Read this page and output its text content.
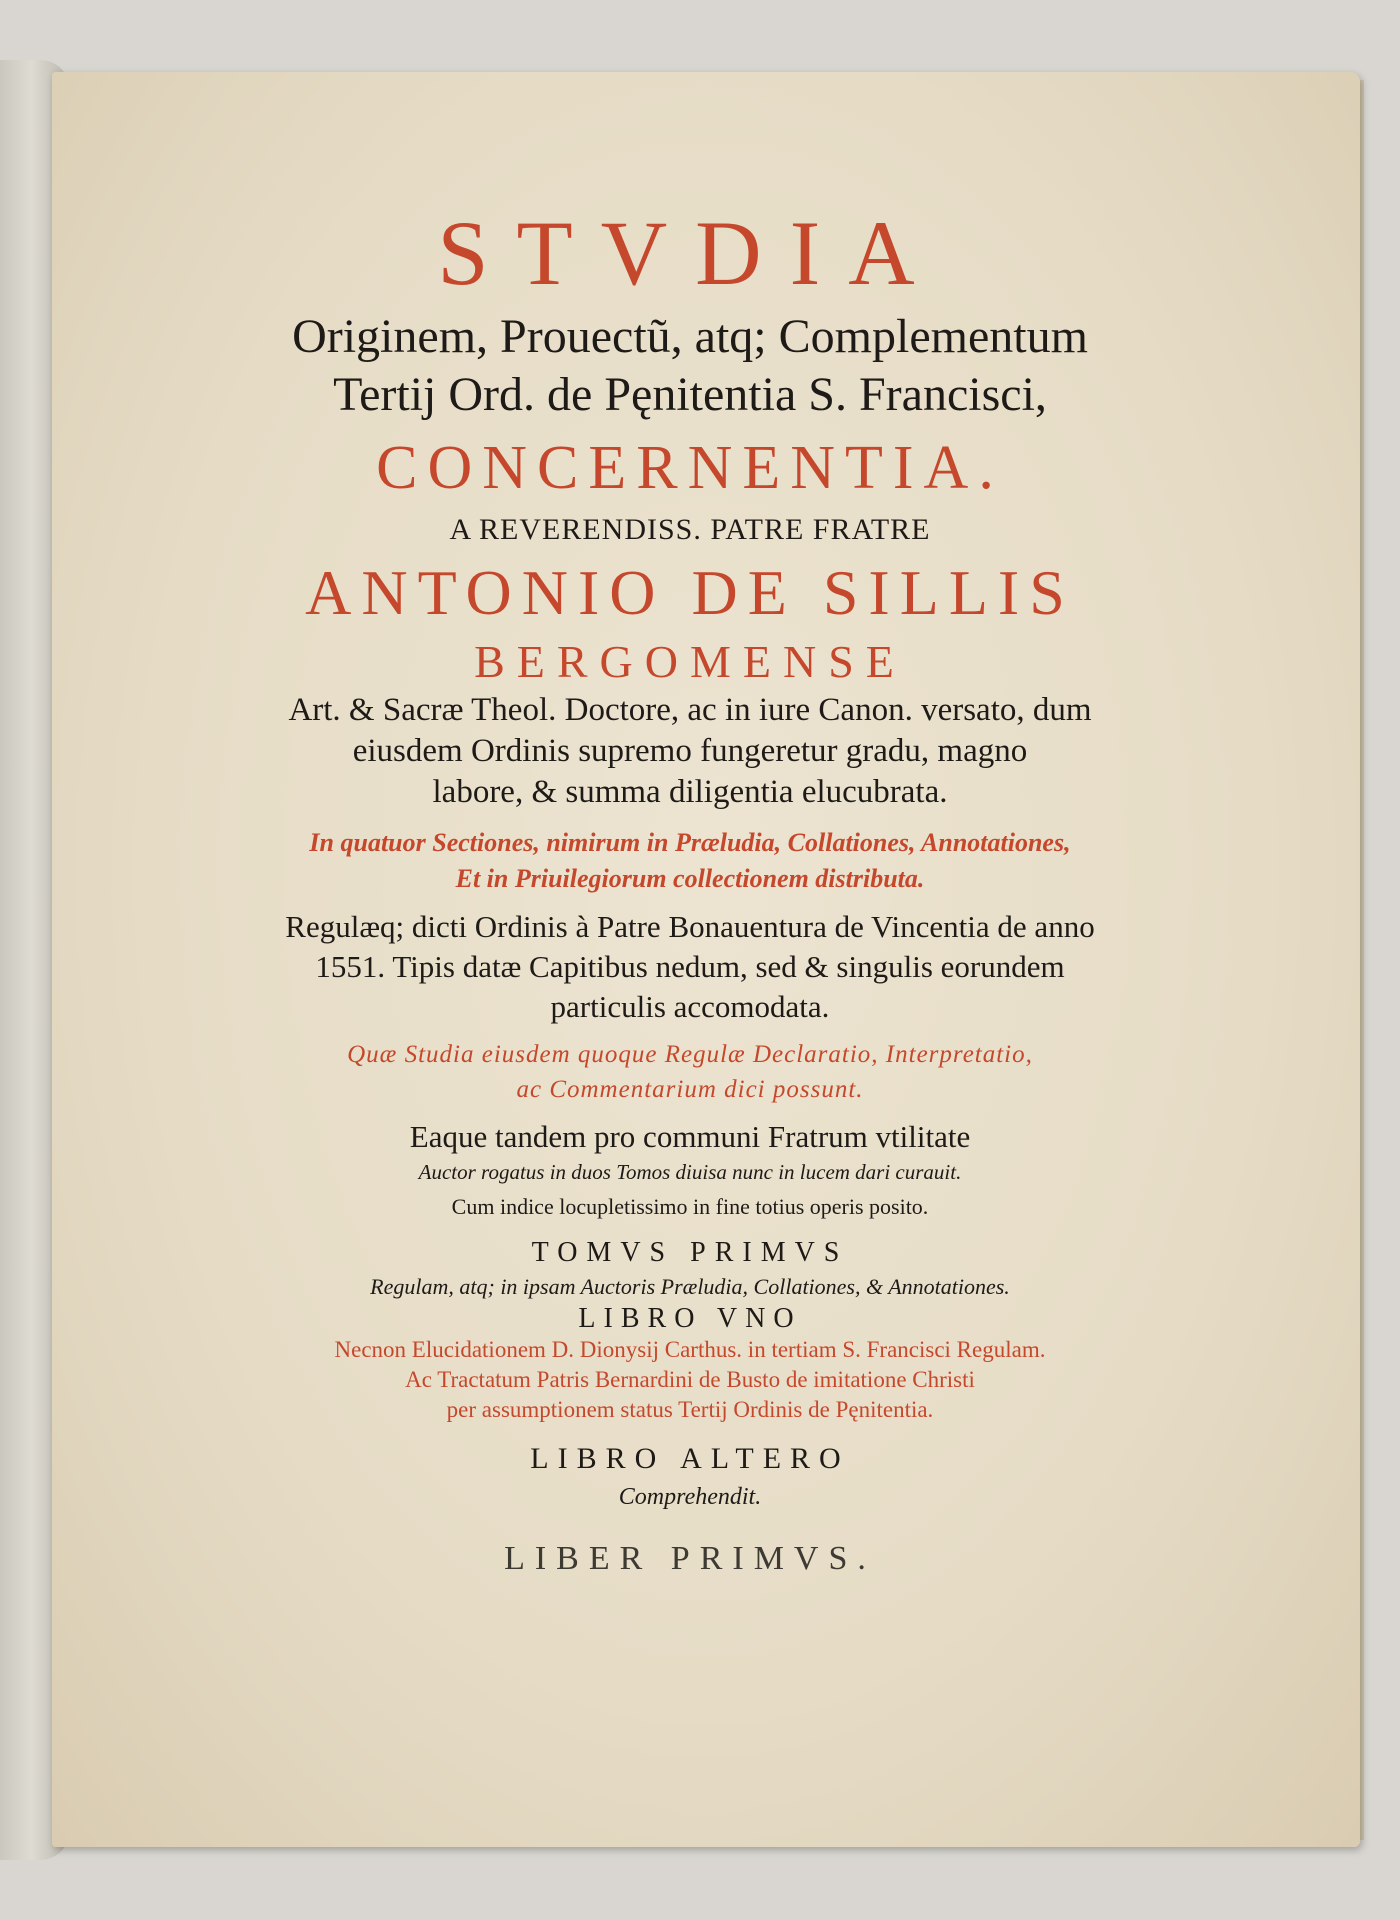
STVDIA
Originem, Prouectũ, atq; Complementum
Tertij Ord. de Pęnitentia S. Francisci,
CONCERNENTIA.
A REVERENDISS. PATRE FRATRE
ANTONIO DE SILLIS
BERGOMENSE
Art. & Sacræ Theol. Doctore, ac in iure Canon. versato, dum
eiusdem Ordinis supremo fungeretur gradu, magno
labore, & summa diligentia elucubrata.
In quatuor Sectiones, nimirum in Præludia, Collationes, Annotationes,
Et in Priuilegiorum collectionem distributa.
Regulæq; dicti Ordinis à Patre Bonauentura de Vincentia de anno
1551. Tipis datæ Capitibus nedum, sed & singulis eorundem
particulis accomodata.
Quæ Studia eiusdem quoque Regulæ Declaratio, Interpretatio,
ac Commentarium dici possunt.
Eaque tandem pro communi Fratrum vtilitate
Auctor rogatus in duos Tomos diuisa nunc in lucem dari curauit.
Cum indice locupletissimo in fine totius operis posito.
TOMVS PRIMVS
Regulam, atq; in ipsam Auctoris Præludia, Collationes, & Annotationes.
LIBRO VNO
Necnon Elucidationem D. Dionysij Carthus. in tertiam S. Francisci Regulam.
Ac Tractatum Patris Bernardini de Busto de imitatione Christi
per assumptionem status Tertij Ordinis de Pęnitentia.
LIBRO ALTERO
Comprehendit.
LIBER PRIMVS.
